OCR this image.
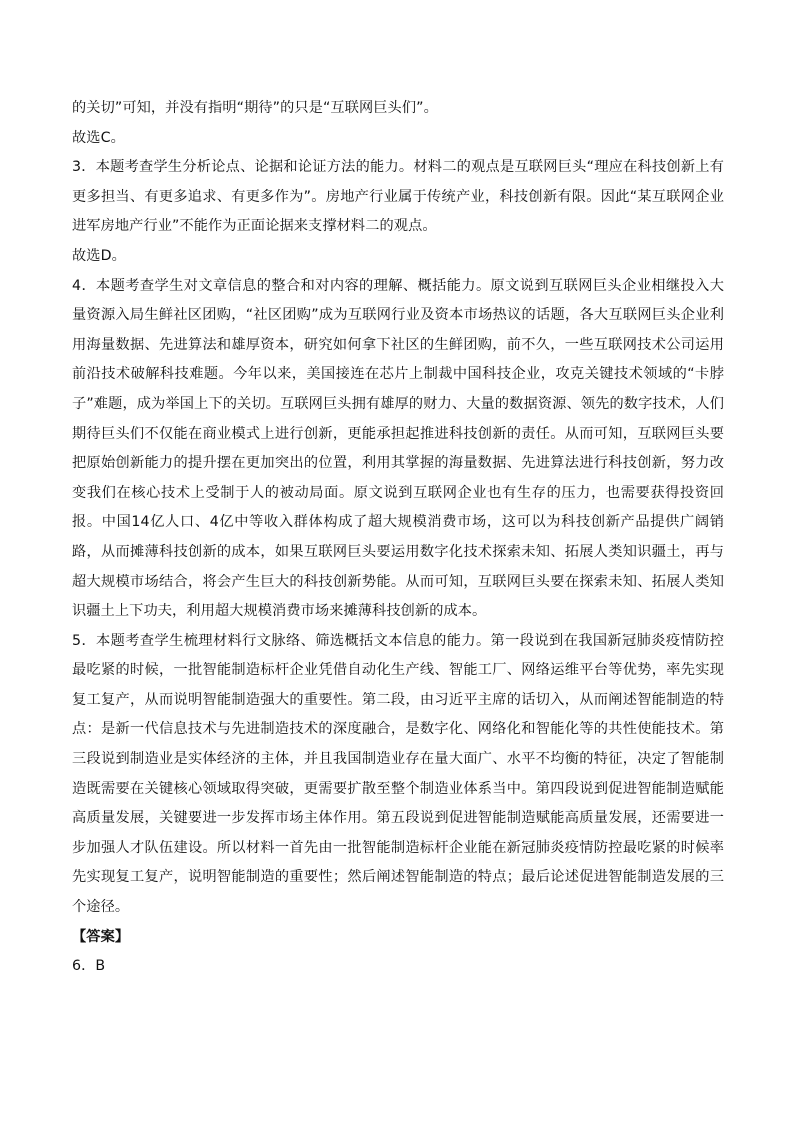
的关切”可知，并没有指明“期待”的只是“互联网巨头们”。

故选C。

3．本题考查学生分析论点、论据和论证方法的能力。材料二的观点是互联网巨头“理应在科技创新上有更多担当、有更多追求、有更多作为”。房地产行业属于传统产业，科技创新有限。因此“某互联网企业进军房地产行业”不能作为正面论据来支撑材料二的观点。

故选D。

4．本题考查学生对文章信息的整合和对内容的理解、概括能力。原文说到互联网巨头企业相继投入大量资源入局生鲜社区团购，“社区团购”成为互联网行业及资本市场热议的话题，各大互联网巨头企业利用海量数据、先进算法和雄厚资本，研究如何拿下社区的生鲜团购，前不久，一些互联网技术公司运用前沿技术破解科技难题。今年以来，美国接连在芯片上制裁中国科技企业，攻克关键技术领域的“卡脖子”难题，成为举国上下的关切。互联网巨头拥有雄厚的财力、大量的数据资源、领先的数字技术，人们期待巨头们不仅能在商业模式上进行创新，更能承担起推进科技创新的责任。从而可知，互联网巨头要把原始创新能力的提升摆在更加突出的位置，利用其掌握的海量数据、先进算法进行科技创新，努力改变我们在核心技术上受制于人的被动局面。原文说到互联网企业也有生存的压力，也需要获得投资回报。中国14亿人口、4亿中等收入群体构成了超大规模消费市场，这可以为科技创新产品提供广阔销路，从而摊薄科技创新的成本，如果互联网巨头要运用数字化技术探索未知、拓展人类知识疆土，再与超大规模市场结合，将会产生巨大的科技创新势能。从而可知，互联网巨头要在探索未知、拓展人类知识疆土上下功夫，利用超大规模消费市场来摊薄科技创新的成本。

5．本题考查学生梳理材料行文脉络、筛选概括文本信息的能力。第一段说到在我国新冠肺炎疫情防控最吃紧的时候，一批智能制造标杆企业凭借自动化生产线、智能工厂、网络运维平台等优势，率先实现复工复产，从而说明智能制造强大的重要性。第二段，由习近平主席的话切入，从而阐述智能制造的特点：是新一代信息技术与先进制造技术的深度融合，是数字化、网络化和智能化等的共性使能技术。第三段说到制造业是实体经济的主体，并且我国制造业存在量大面广、水平不均衡的特征，决定了智能制造既需要在关键核心领域取得突破，更需要扩散至整个制造业体系当中。第四段说到促进智能制造赋能高质量发展，关键要进一步发挥市场主体作用。第五段说到促进智能制造赋能高质量发展，还需要进一步加强人才队伍建设。所以材料一首先由一批智能制造标杆企业能在新冠肺炎疫情防控最吃紧的时候率先实现复工复产，说明智能制造的重要性；然后阐述智能制造的特点；最后论述促进智能制造发展的三个途径。

【答案】

6．B
